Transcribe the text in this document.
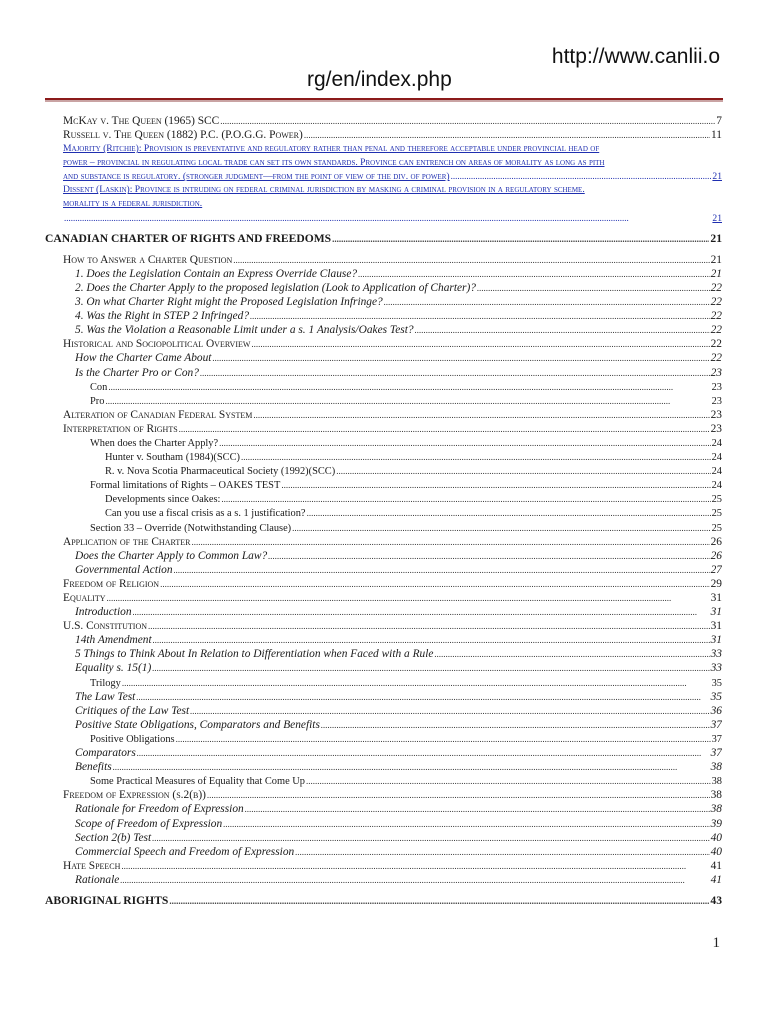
http://www.canlii.o
rg/en/index.php
McKay v. The Queen (1965) SCC .....	7
Russell v. The Queen (1882) P.C. (P.O.G.G. Power) .....	11
Majority (Ritchie): Provision is preventative and regulatory rather than penal and therefore acceptable under provincial head of
power – provincial in regulating local trade can set its own standards. Province can entrench on areas of morality as long as pith
and substance is regulatory. (stronger judgment—from the point of view of the div. of power) .....	21
Dissent (Laskin): Province is intruding on federal criminal jurisdiction by masking a criminal provision in a regulatory scheme.
morality is a federal jurisdiction.
.....
21
CANADIAN CHARTER OF RIGHTS AND FREEDOMS .....	21
How to Answer a Charter Question .....	21
1. Does the Legislation Contain an Express Override Clause? .....	21
2. Does the Charter Apply to the proposed legislation (Look to Application of Charter)? .....	22
3. On what Charter Right might the Proposed Legislation Infringe? .....	22
4. Was the Right in STEP 2 Infringed? .....	22
5. Was the Violation a Reasonable Limit under a s. 1 Analysis/Oakes Test? .....	22
Historical and Sociopolitical Overview .....	22
How the Charter Came About .....	22
Is the Charter Pro or Con? .....	23
Con .....	23
Pro .....	23
Alteration of Canadian Federal System .....	23
Interpretation of Rights .....	23
When does the Charter Apply? .....	24
Hunter v. Southam (1984)(SCC) .....	24
R. v. Nova Scotia Pharmaceutical Society (1992)(SCC) .....	24
Formal limitations of Rights – OAKES TEST .....	24
Developments since Oakes: .....	25
Can you use a fiscal crisis as a s. 1 justification? .....	25
Section 33 – Override (Notwithstanding Clause) .....	25
Application of the Charter .....	26
Does the Charter Apply to Common Law? .....	26
Governmental Action .....	27
Freedom of Religion .....	29
Equality .....	31
Introduction .....	31
U.S. Constitution .....	31
14th Amendment .....	31
5 Things to Think About In Relation to Differentiation when Faced with a Rule .....	33
Equality s. 15(1) .....	33
Trilogy .....	35
The Law Test .....	35
Critiques of the Law Test .....	36
Positive State Obligations, Comparators and Benefits .....	37
Positive Obligations .....	37
Comparators .....	37
Benefits .....	38
Some Practical Measures of Equality that Come Up .....	38
Freedom of Expression (s.2(b)) .....	38
Rationale for Freedom of Expression .....	38
Scope of Freedom of Expression .....	39
Section 2(b) Test .....	40
Commercial Speech and Freedom of Expression .....	40
Hate Speech .....	41
Rationale .....	41
ABORIGINAL RIGHTS .....	43
1
